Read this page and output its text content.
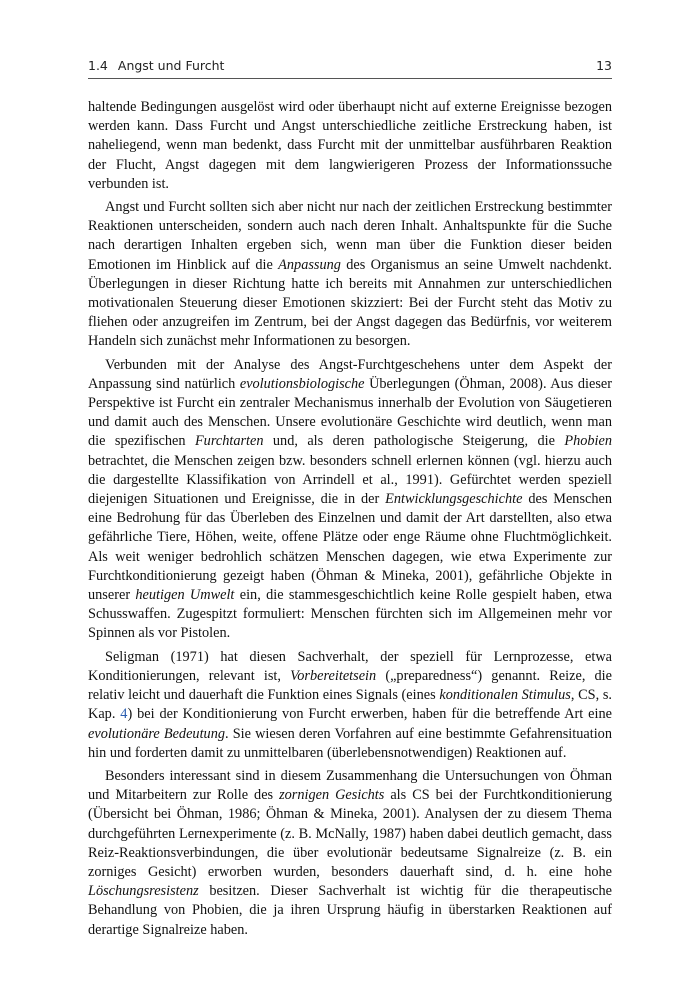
1.4 Angst und Furcht	13

haltende Bedingungen ausgelöst wird oder überhaupt nicht auf externe Ereignisse bezogen werden kann. Dass Furcht und Angst unterschiedliche zeitliche Erstreckung haben, ist naheliegend, wenn man bedenkt, dass Furcht mit der unmittelbar ausführbaren Reaktion der Flucht, Angst dagegen mit dem langwierigeren Prozess der Informationssuche verbunden ist.

Angst und Furcht sollten sich aber nicht nur nach der zeitlichen Erstreckung bestimmter Reaktionen unterscheiden, sondern auch nach deren Inhalt. Anhaltspunkte für die Suche nach derartigen Inhalten ergeben sich, wenn man über die Funktion dieser beiden Emotionen im Hinblick auf die Anpassung des Organismus an seine Umwelt nachdenkt. Überlegungen in dieser Richtung hatte ich bereits mit Annahmen zur unterschiedlichen motivationalen Steuerung dieser Emotionen skizziert: Bei der Furcht steht das Motiv zu fliehen oder anzugreifen im Zentrum, bei der Angst dagegen das Bedürfnis, vor weiterem Handeln sich zunächst mehr Informationen zu besorgen.

Verbunden mit der Analyse des Angst-Furchtgeschehens unter dem Aspekt der Anpassung sind natürlich evolutionsbiologische Überlegungen (Öhman, 2008). Aus dieser Perspektive ist Furcht ein zentraler Mechanismus innerhalb der Evolution von Säugetieren und damit auch des Menschen. Unsere evolutionäre Geschichte wird deutlich, wenn man die spezifischen Furchtarten und, als deren pathologische Steigerung, die Phobien betrachtet, die Menschen zeigen bzw. besonders schnell erlernen können (vgl. hierzu auch die dargestellte Klassifikation von Arrindell et al., 1991). Gefürchtet werden speziell diejenigen Situationen und Ereignisse, die in der Entwicklungsgeschichte des Menschen eine Bedrohung für das Überleben des Einzelnen und damit der Art darstellten, also etwa gefährliche Tiere, Höhen, weite, offene Plätze oder enge Räume ohne Fluchtmöglichkeit. Als weit weniger bedrohlich schätzen Menschen dagegen, wie etwa Experimente zur Furchtkonditionierung gezeigt haben (Öhman & Mineka, 2001), gefährliche Objekte in unserer heutigen Umwelt ein, die stammesgeschichtlich keine Rolle gespielt haben, etwa Schusswaffen. Zugespitzt formuliert: Menschen fürchten sich im Allgemeinen mehr vor Spinnen als vor Pistolen.

Seligman (1971) hat diesen Sachverhalt, der speziell für Lernprozesse, etwa Konditionierungen, relevant ist, Vorbereitetsein („preparedness“) genannt. Reize, die relativ leicht und dauerhaft die Funktion eines Signals (eines konditionalen Stimulus, CS, s. Kap. 4) bei der Konditionierung von Furcht erwerben, haben für die betreffende Art eine evolutionäre Bedeutung. Sie wiesen deren Vorfahren auf eine bestimmte Gefahrensituation hin und forderten damit zu unmittelbaren (überlebensnotwendigen) Reaktionen auf.

Besonders interessant sind in diesem Zusammenhang die Untersuchungen von Öhman und Mitarbeitern zur Rolle des zornigen Gesichts als CS bei der Furchtkonditionierung (Übersicht bei Öhman, 1986; Öhman & Mineka, 2001). Analysen der zu diesem Thema durchgeführten Lernexperimente (z. B. McNally, 1987) haben dabei deutlich gemacht, dass Reiz-Reaktionsverbindungen, die über evolutionär bedeutsame Signalreize (z. B. ein zorniges Gesicht) erworben wurden, besonders dauerhaft sind, d. h. eine hohe Löschungsresistenz besitzen. Dieser Sachverhalt ist wichtig für die therapeutische Behandlung von Phobien, die ja ihren Ursprung häufig in überstarken Reaktionen auf derartige Signalreize haben.
